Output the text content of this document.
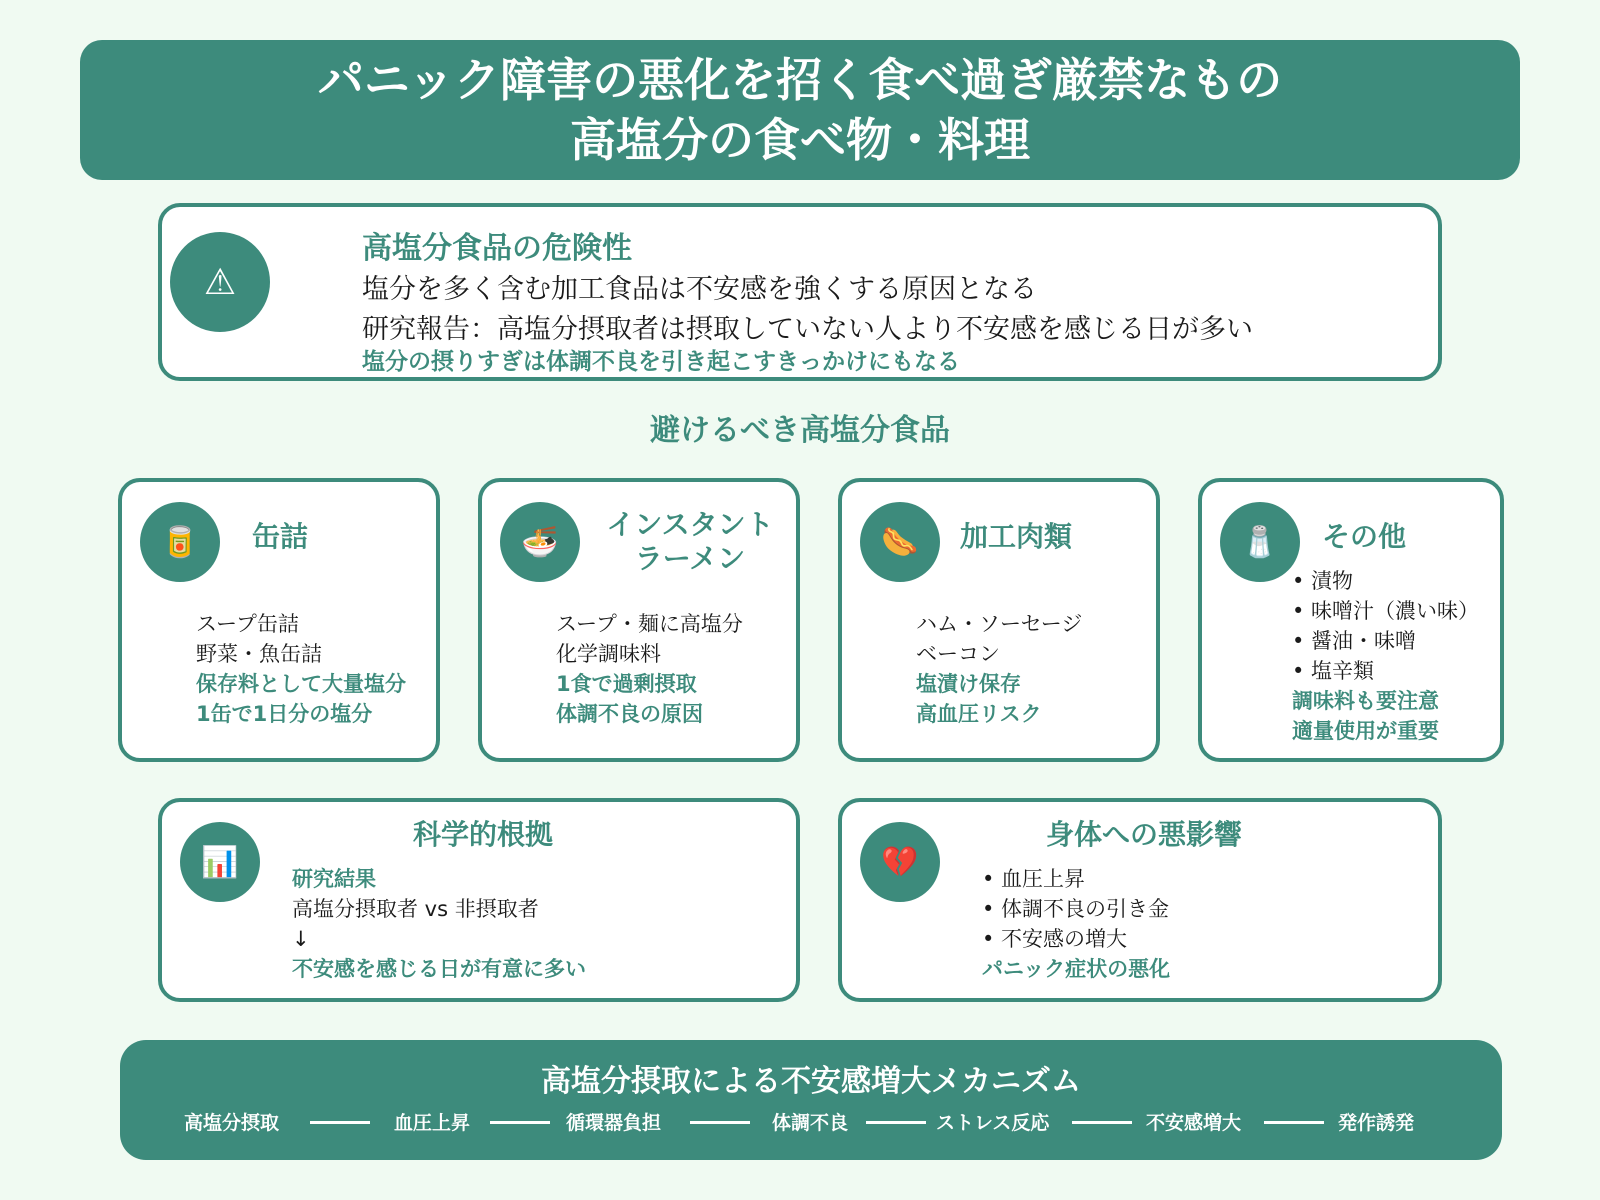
パニック障害の悪化を招く食べ過ぎ厳禁なもの
高塩分の食べ物・料理
⚠
高塩分食品の危険性
塩分を多く含む加工食品は不安感を強くする原因となる
研究報告：高塩分摂取者は摂取していない人より不安感を感じる日が多い
塩分の摂りすぎは体調不良を引き起こすきっかけにもなる
避けるべき高塩分食品
🥫 缶詰
スープ缶詰
野菜・魚缶詰
保存料として大量塩分
1缶で1日分の塩分
🍜 インスタント
ラーメン
スープ・麺に高塩分
化学調味料
1食で過剰摂取
体調不良の原因
🌭 加工肉類
ハム・ソーセージ
ベーコン
塩漬け保存
高血圧リスク
🧂 その他
• 漬物
• 味噌汁（濃い味）
• 醤油・味噌
• 塩辛類
調味料も要注意
適量使用が重要
📊
科学的根拠
研究結果
高塩分摂取者 vs 非摂取者
↓
不安感を感じる日が有意に多い
💔
身体への悪影響
• 血圧上昇
• 体調不良の引き金
• 不安感の増大
パニック症状の悪化
高塩分摂取による不安感増大メカニズム
高塩分摂取	血圧上昇	循環器負担	体調不良	ストレス反応	不安感増大	発作誘発
